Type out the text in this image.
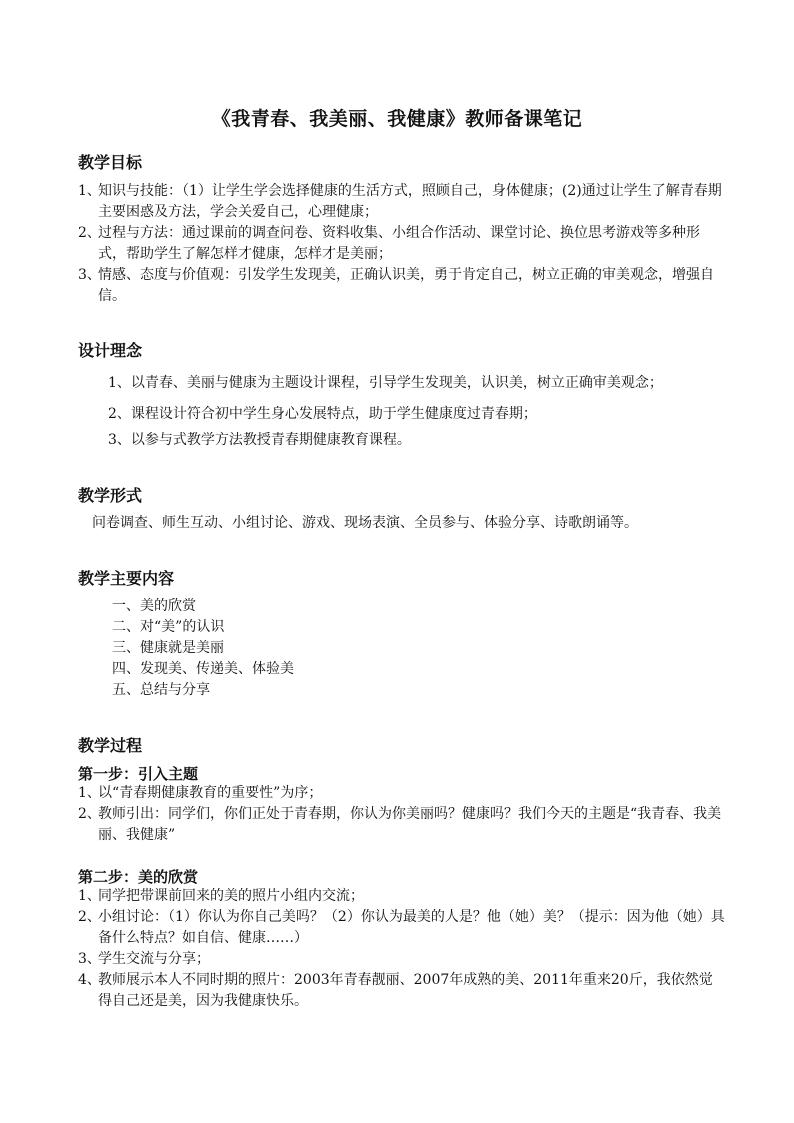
《我青春、我美丽、我健康》教师备课笔记
教学目标
1、
知识与技能：（1）让学生学会选择健康的生活方式，照顾自己，身体健康；(2)通过让学生了解青春期主要困惑及方法，学会关爱自己，心理健康；
2、
过程与方法：通过课前的调查问卷、资料收集、小组合作活动、课堂讨论、换位思考游戏等多种形式，帮助学生了解怎样才健康，怎样才是美丽；
3、
情感、态度与价值观：引发学生发现美，正确认识美，勇于肯定自己，树立正确的审美观念，增强自信。
设计理念
1、以青春、美丽与健康为主题设计课程，引导学生发现美，认识美，树立正确审美观念；
2、课程设计符合初中学生身心发展特点，助于学生健康度过青春期；
3、以参与式教学方法教授青春期健康教育课程。
教学形式
问卷调查、师生互动、小组讨论、游戏、现场表演、全员参与、体验分享、诗歌朗诵等。
教学主要内容
一、美的欣赏
二、对“美”的认识
三、健康就是美丽
四、发现美、传递美、体验美
五、总结与分享
教学过程
第一步：引入主题
1、
以“青春期健康教育的重要性”为序；
2、
教师引出：同学们，你们正处于青春期，你认为你美丽吗？健康吗？我们今天的主题是“我青春、我美丽、我健康”
第二步：美的欣赏
1、
同学把带课前回来的美的照片小组内交流；
2、
小组讨论：（1）你认为你自己美吗？（2）你认为最美的人是？他（她）美？（提示：因为他（她）具备什么特点？如自信、健康……）
3、
学生交流与分享；
4、
教师展示本人不同时期的照片：2003年青春靓丽、2007年成熟的美、2011年重来20斤，我依然觉得自己还是美，因为我健康快乐。
